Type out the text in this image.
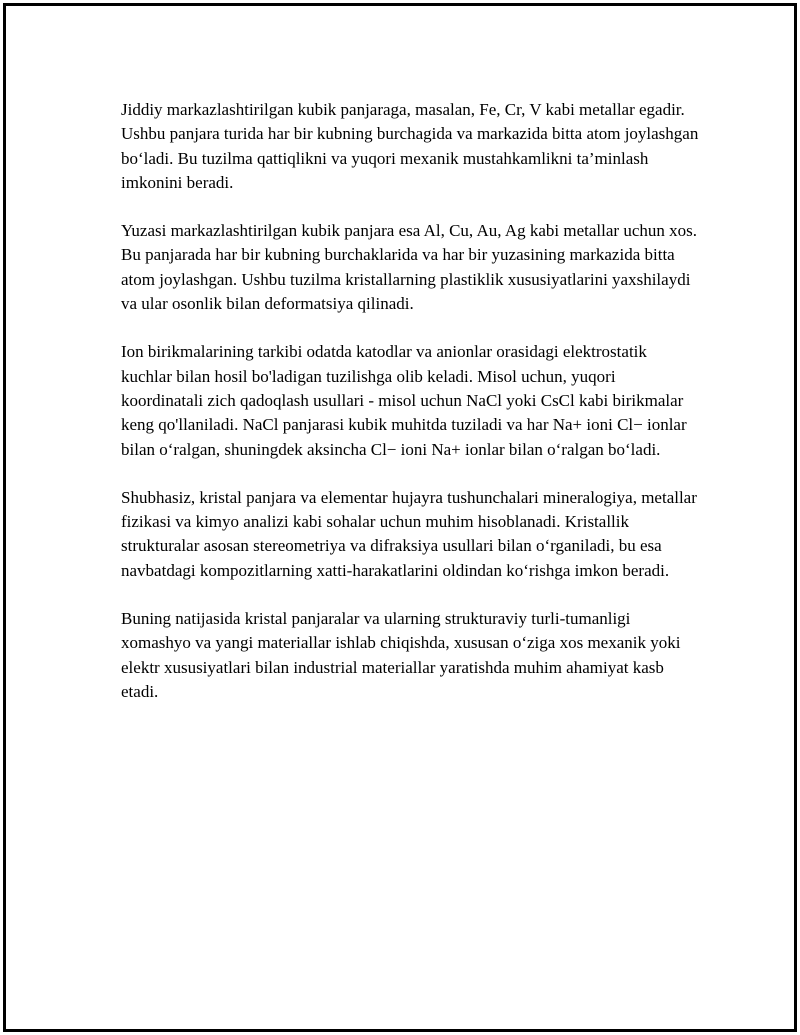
Jiddiy markazlashtirilgan kubik panjaraga, masalan, Fe, Cr, V kabi metallar egadir. Ushbu panjara turida har bir kubning burchagida va markazida bitta atom joylashgan bo‘ladi. Bu tuzilma qattiqlikni va yuqori mexanik mustahkamlikni ta’minlash imkonini beradi.

Yuzasi markazlashtirilgan kubik panjara esa Al, Cu, Au, Ag kabi metallar uchun xos. Bu panjarada har bir kubning burchaklarida va har bir yuzasining markazida bitta atom joylashgan. Ushbu tuzilma kristallarning plastiklik xususiyatlarini yaxshilaydi va ular osonlik bilan deformatsiya qilinadi.

Ion birikmalarining tarkibi odatda katodlar va anionlar orasidagi elektrostatik kuchlar bilan hosil bo'ladigan tuzilishga olib keladi. Misol uchun, yuqori koordinatali zich qadoqlash usullari - misol uchun NaCl yoki CsCl kabi birikmalar keng qo'llaniladi. NaCl panjarasi kubik muhitda tuziladi va har Na+ ioni Cl− ionlar bilan o‘ralgan, shuningdek aksincha Cl− ioni Na+ ionlar bilan o‘ralgan bo‘ladi.

Shubhasiz, kristal panjara va elementar hujayra tushunchalari mineralogiya, metallar fizikasi va kimyo analizi kabi sohalar uchun muhim hisoblanadi. Kristallik strukturalar asosan stereometriya va difraksiya usullari bilan o‘rganiladi, bu esa navbatdagi kompozitlarning xatti-harakatlarini oldindan ko‘rishga imkon beradi.

Buning natijasida kristal panjaralar va ularning strukturaviy turli-tumanligi xomashyo va yangi materiallar ishlab chiqishda, xususan o‘ziga xos mexanik yoki elektr xususiyatlari bilan industrial materiallar yaratishda muhim ahamiyat kasb etadi.
